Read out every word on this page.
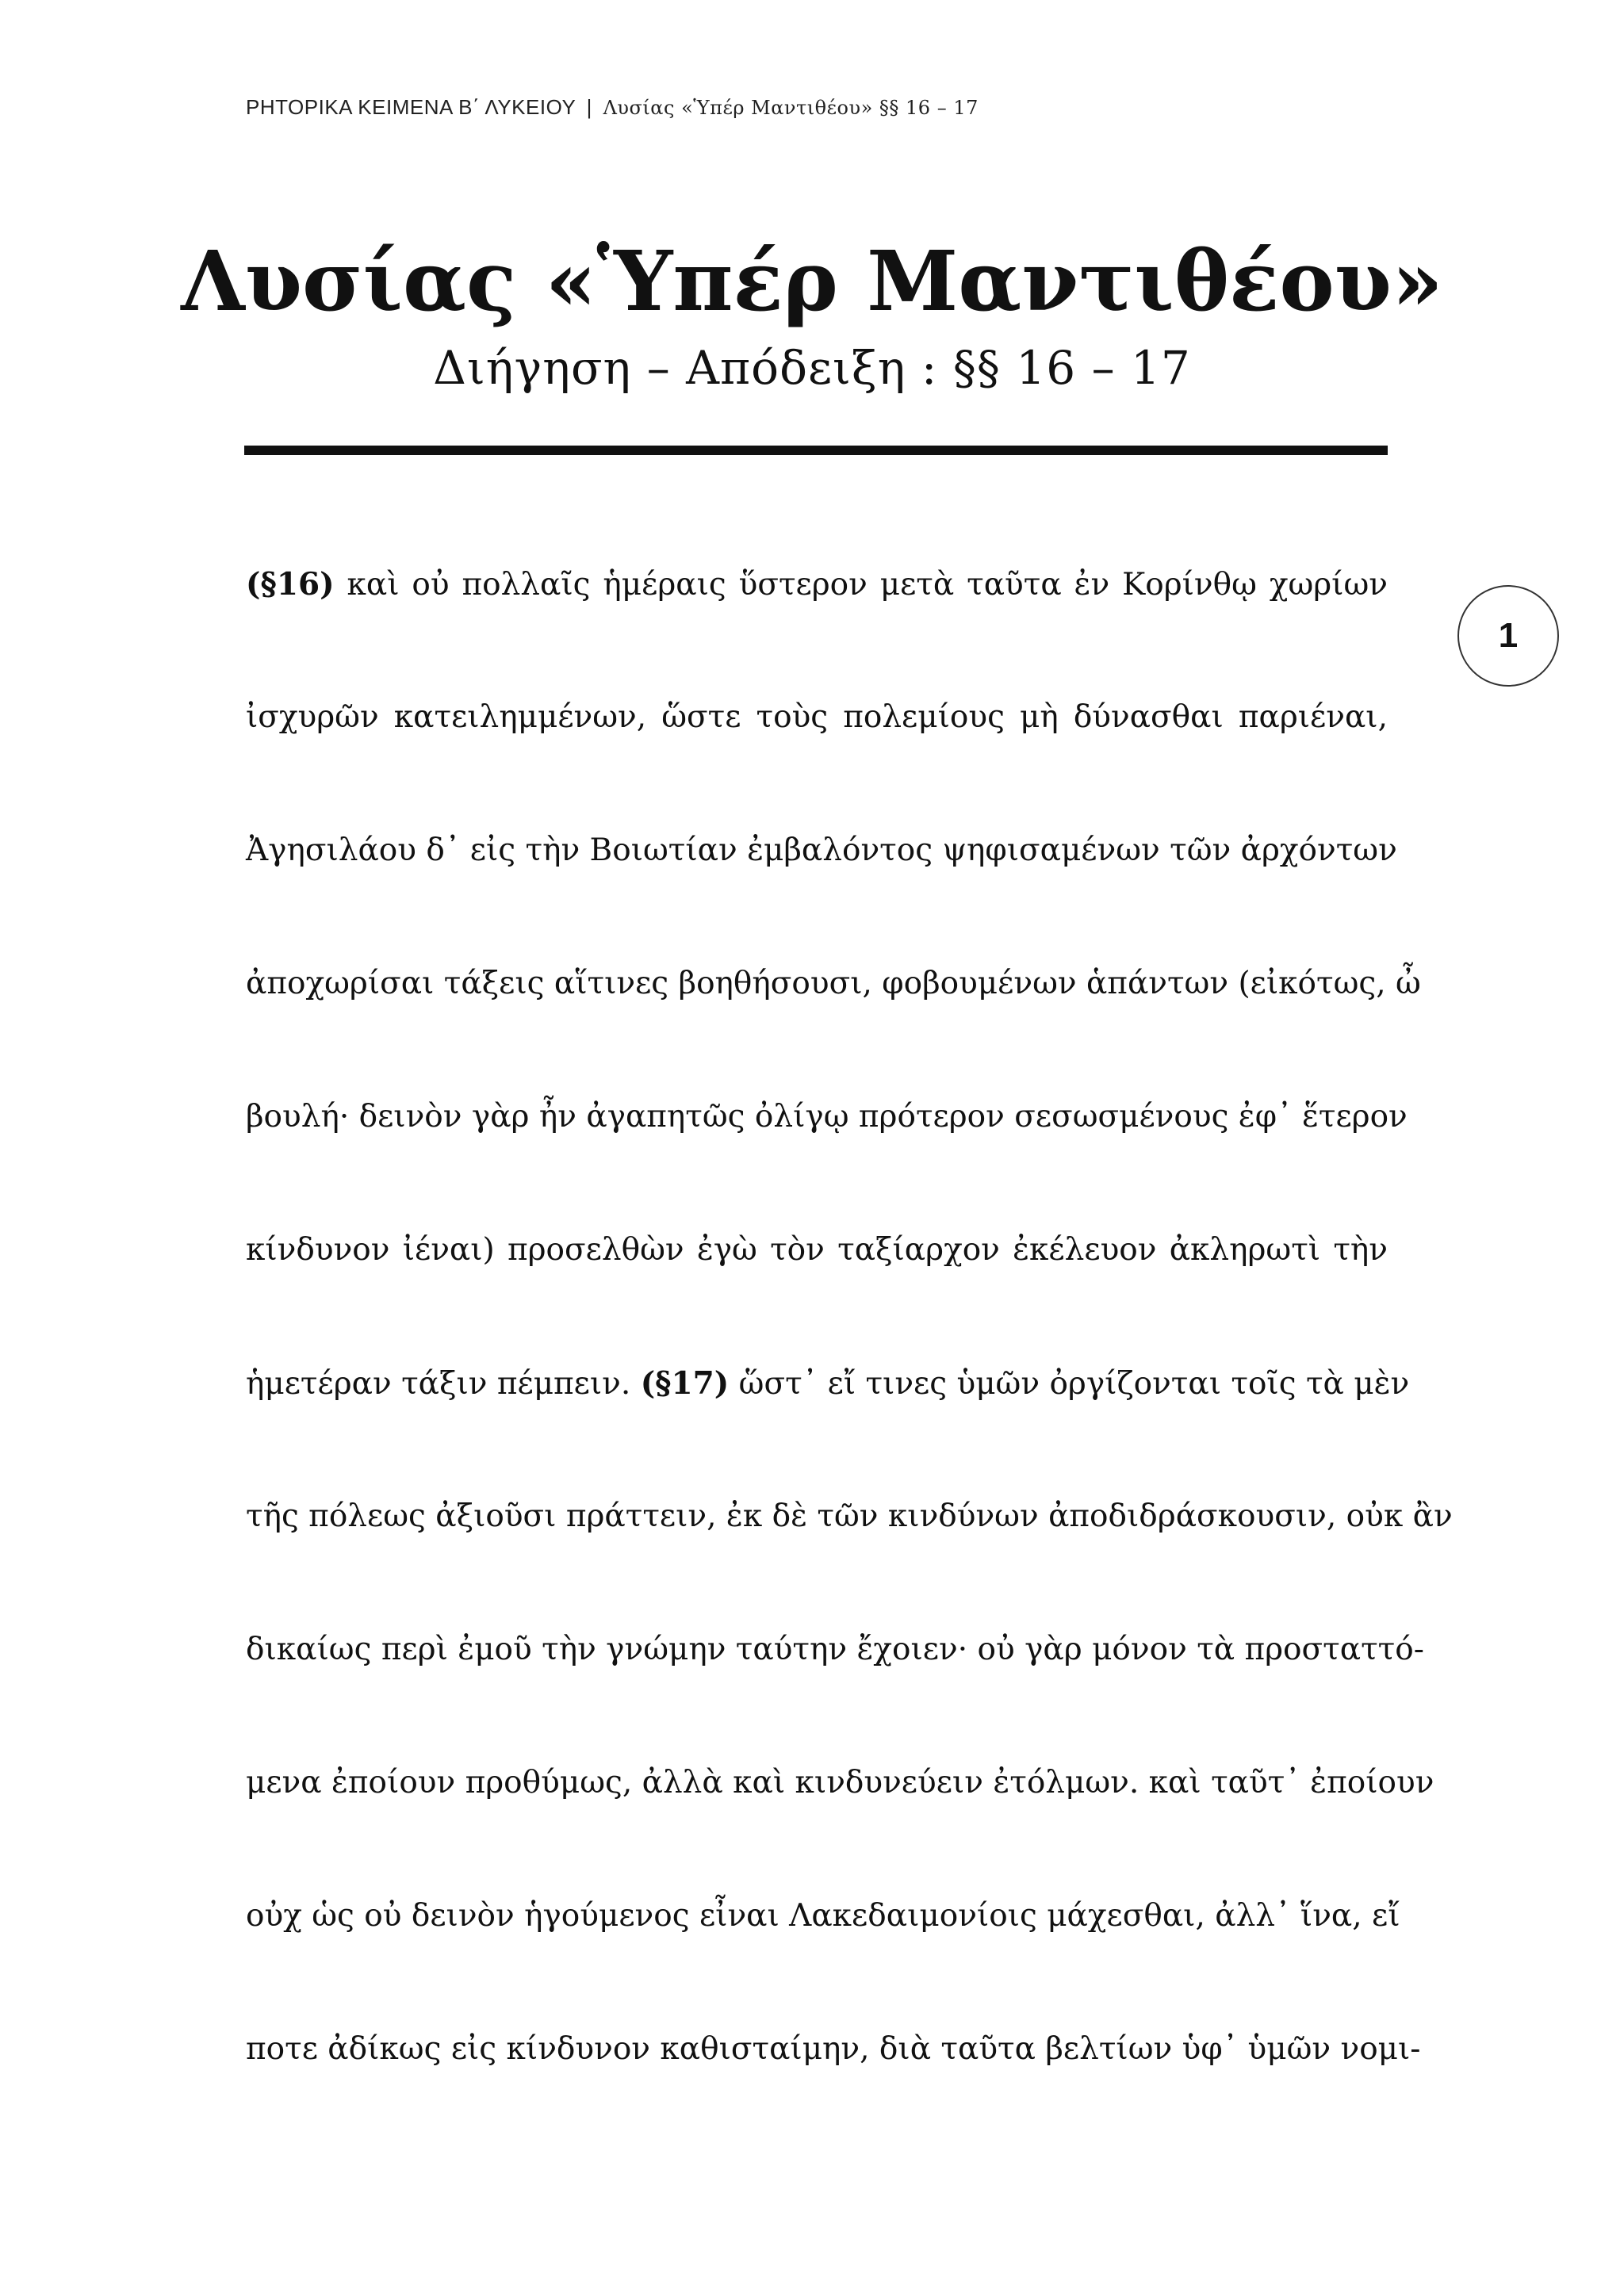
ΡΗΤΟΡΙΚΑ ΚΕΙΜΕΝΑ Β΄ ΛΥΚΕΙΟΥ | Λυσίας «Ὑπέρ Μαντιθέου» §§ 16 – 17
Λυσίας «Ὑπέρ Μαντιθέου»
Διήγηση – Απόδειξη : §§ 16 – 17
1
(§16) καὶ οὐ πολλαῖς ἡμέραις ὕστερον μετὰ ταῦτα ἐν Κορίνθῳ χωρίων
ἰσχυρῶν κατειλημμένων, ὥστε τοὺς πολεμίους μὴ δύνασθαι παριέναι,
Ἀγησιλάου δ᾽ εἰς τὴν Βοιωτίαν ἐμβαλόντος ψηφισαμένων τῶν ἀρχόντων
ἀποχωρίσαι τάξεις αἵτινες βοηθήσουσι, φοβουμένων ἁπάντων (εἰκότως, ὦ
βουλή· δεινὸν γὰρ ἦν ἀγαπητῶς ὀλίγῳ πρότερον σεσωσμένους ἐφ᾽ ἕτερον
κίνδυνον ἰέναι) προσελθὼν ἐγὼ τὸν ταξίαρχον ἐκέλευον ἀκληρωτὶ τὴν
ἡμετέραν τάξιν πέμπειν. (§17) ὥστ᾽ εἴ τινες ὑμῶν ὀργίζονται τοῖς τὰ μὲν
τῆς πόλεως ἀξιοῦσι πράττειν, ἐκ δὲ τῶν κινδύνων ἀποδιδράσκουσιν, οὐκ ἂν
δικαίως περὶ ἐμοῦ τὴν γνώμην ταύτην ἔχοιεν· οὐ γὰρ μόνον τὰ προσταττό-
μενα ἐποίουν προθύμως, ἀλλὰ καὶ κινδυνεύειν ἐτόλμων. καὶ ταῦτ᾽ ἐποίουν
οὐχ ὡς οὐ δεινὸν ἡγούμενος εἶναι Λακεδαιμονίοις μάχεσθαι, ἀλλ᾽ ἵνα, εἴ
ποτε ἀδίκως εἰς κίνδυνον καθισταίμην, διὰ ταῦτα βελτίων ὑφ᾽ ὑμῶν νομι-
